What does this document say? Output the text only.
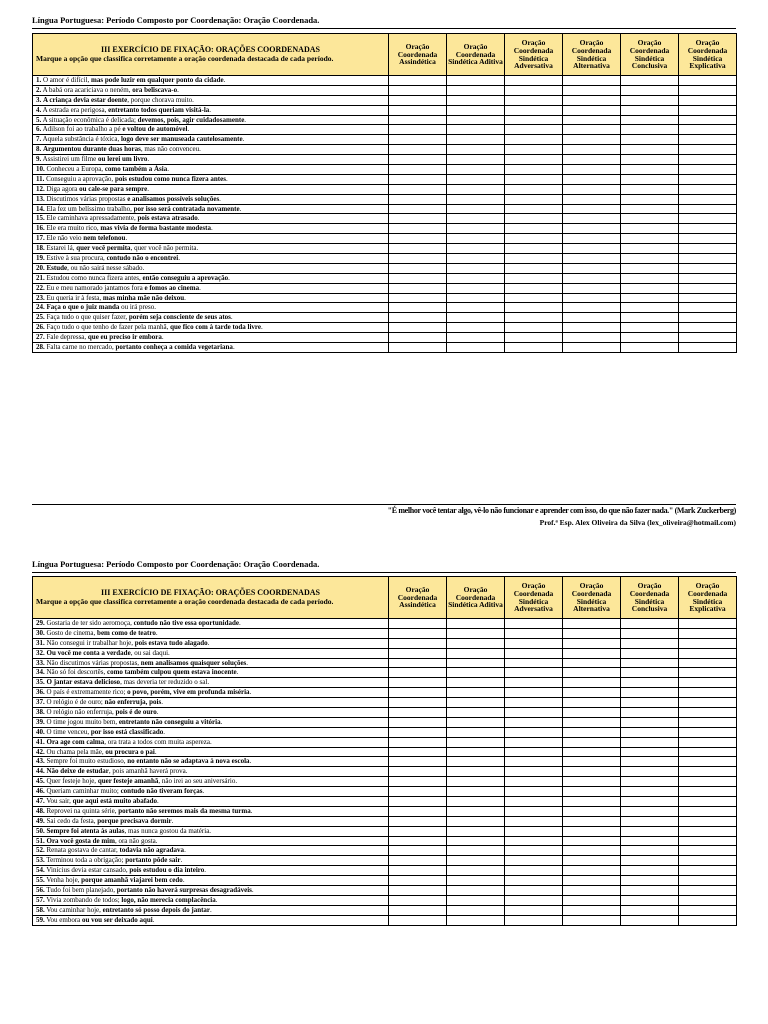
Língua Portuguesa: Período Composto por Coordenação: Oração Coordenada.
III EXERCÍCIO DE FIXAÇÃO: ORAÇÕES COORDENADAS
Marque a opção que classifica corretamente a oração coordenada destacada de cada período.	Oração Coordenada Assindética	Oração Coordenada Sindética Aditiva	Oração Coordenada Sindética Adversativa	Oração Coordenada Sindética Alternativa	Oração Coordenada Sindética Conclusiva	Oração Coordenada Sindética Explicativa
1. O amor é difícil, mas pode luzir em qualquer ponto da cidade.						
2. A babá ora acariciava o neném, ora beliscava-o.						
3. A criança devia estar doente, porque chorava muito.						
4. A estrada era perigosa, entretanto todos queriam visitá-la.						
5. A situação econômica é delicada; devemos, pois, agir cuidadosamente.						
6. Adilson foi ao trabalho a pé e voltou de automóvel.						
7. Aquela substância é tóxica, logo deve ser manuseada cautelosamente.						
8. Argumentou durante duas horas, mas não convenceu.						
9. Assistirei um filme ou lerei um livro.						
10. Conheceu a Europa, como também a Ásia.						
11. Conseguiu a aprovação, pois estudou como nunca fizera antes.						
12. Diga agora ou cale-se para sempre.						
13. Discutimos várias propostas e analisamos possíveis soluções.						
14. Ela fez um belíssimo trabalho, por isso será contratada novamente.						
15. Ele caminhava apressadamente, pois estava atrasado.						
16. Ele era muito rico, mas vivia de forma bastante modesta.						
17. Ele não veio nem telefonou.						
18. Estarei lá, quer você permita, quer você não permita.						
19. Estive à sua procura, contudo não o encontrei.						
20. Estude, ou não sairá nesse sábado.						
21. Estudou como nunca fizera antes, então conseguiu a aprovação.						
22. Eu e meu namorado jantamos fora e fomos ao cinema.						
23. Eu queria ir à festa, mas minha mãe não deixou.						
24. Faça o que o juiz manda ou irá preso.						
25. Faça tudo o que quiser fazer, porém seja consciente de seus atos.						
26. Faço tudo o que tenho de fazer pela manhã, que fico com à tarde toda livre.						
27. Fale depressa, que eu preciso ir embora.						
28. Falta carne no mercado, portanto conheça a comida vegetariana.						
"É melhor você tentar algo, vê-lo não funcionar e aprender com isso, do que não fazer nada." (Mark Zuckerberg)
Prof.ª Esp. Alex Oliveira da Silva (lex_oliveira@hotmail.com)
Língua Portuguesa: Período Composto por Coordenação: Oração Coordenada.
III EXERCÍCIO DE FIXAÇÃO: ORAÇÕES COORDENADAS
Marque a opção que classifica corretamente a oração coordenada destacada de cada período.	Oração Coordenada Assindética	Oração Coordenada Sindética Aditiva	Oração Coordenada Sindética Adversativa	Oração Coordenada Sindética Alternativa	Oração Coordenada Sindética Conclusiva	Oração Coordenada Sindética Explicativa
29. Gostaria de ter sido aeromoça, contudo não tive essa oportunidade.						
30. Gosto de cinema, bem como de teatro.						
31. Não consegui ir trabalhar hoje, pois estava tudo alagado.						
32. Ou você me conta a verdade, ou sai daqui.						
33. Não discutimos várias propostas, nem analisamos quaisquer soluções.						
34. Não só foi descortês, como também culpou quem estava inocente.						
35. O jantar estava delicioso, mas deveria ter reduzido o sal.						
36. O país é extremamente rico; o povo, porém, vive em profunda miséria.						
37. O relógio é de ouro; não enferruja, pois.						
38. O relógio não enferruja, pois é de ouro.						
39. O time jogou muito bem, entretanto não conseguiu a vitória.						
40. O time venceu, por isso está classificado.						
41. Ora age com calma, ora trata a todos com muita aspereza.						
42. Ou chama pela mãe, ou procura o pai.						
43. Sempre foi muito estudioso, no entanto não se adaptava à nova escola.						
44. Não deixe de estudar, pois amanhã haverá prova.						
45. Quer festeje hoje, quer festeje amanhã, não irei ao seu aniversário.						
46. Queriam caminhar muito; contudo não tiveram forças.						
47. Vou sair, que aqui está muito abafado.						
48. Reprovei na quinta série, portanto não seremos mais da mesma turma.						
49. Sai cedo da festa, porque precisava dormir.						
50. Sempre foi atenta às aulas, mas nunca gostou da matéria.						
51. Ora você gosta de mim, ora não gosta.						
52. Renata gostava de cantar, todavia não agradava.						
53. Terminou toda a obrigação; portanto pôde sair.						
54. Vinícius devia estar cansado, pois estudou o dia inteiro.						
55. Venha hoje, porque amanhã viajarei bem cedo.						
56. Tudo foi bem planejado, portanto não haverá surpresas desagradáveis.						
57. Vivia zombando de todos; logo, não merecia complacência.						
58. Vou caminhar hoje, entretanto só posso depois do jantar.						
59. Vou embora ou vou ser deixado aqui.						
